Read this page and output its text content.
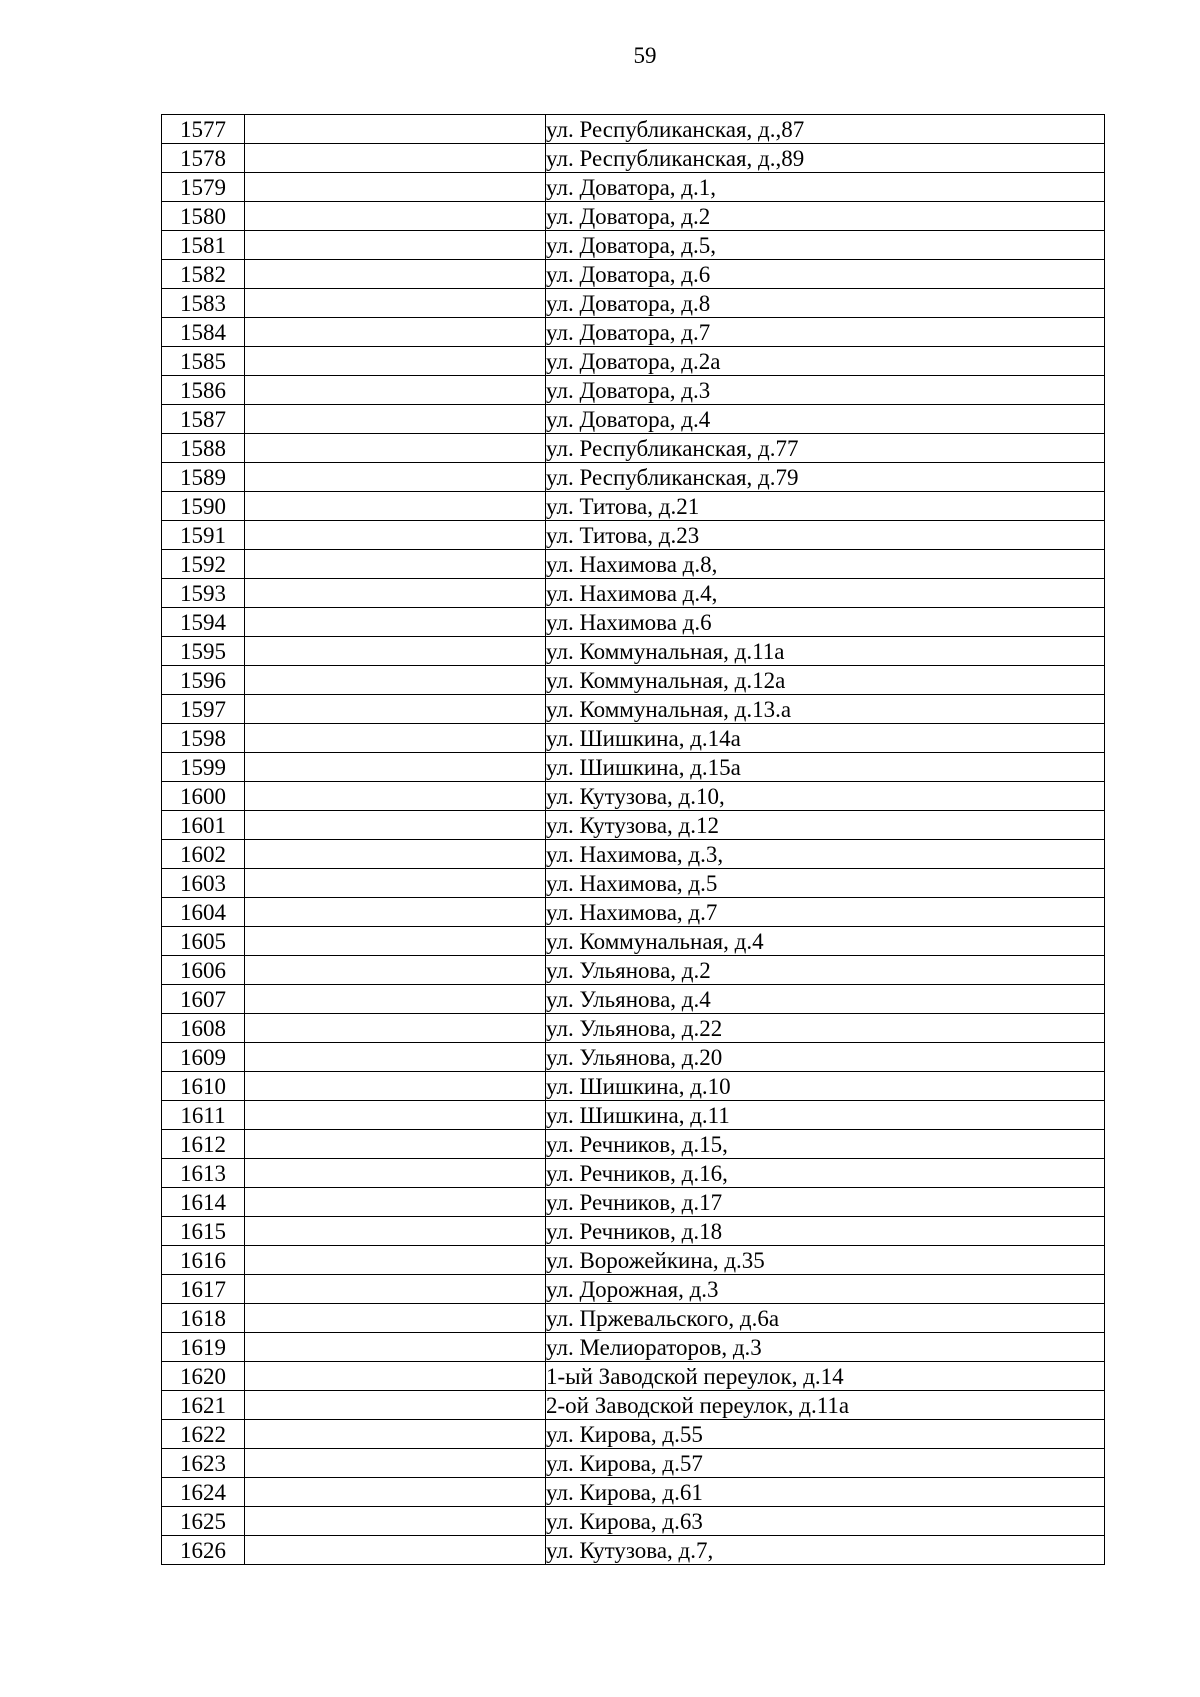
59
1577		ул. Республиканская, д.,87
1578		ул. Республиканская, д.,89
1579		ул. Доватора, д.1,
1580		ул. Доватора, д.2
1581		ул. Доватора, д.5,
1582		ул. Доватора, д.6
1583		ул. Доватора, д.8
1584		ул. Доватора, д.7
1585		ул. Доватора, д.2а
1586		ул. Доватора, д.3
1587		ул. Доватора, д.4
1588		ул. Республиканская, д.77
1589		ул. Республиканская, д.79
1590		ул. Титова, д.21
1591		ул. Титова, д.23
1592		ул. Нахимова д.8,
1593		ул. Нахимова д.4,
1594		ул. Нахимова д.6
1595		ул. Коммунальная, д.11а
1596		ул. Коммунальная, д.12а
1597		ул. Коммунальная, д.13.а
1598		ул. Шишкина, д.14а
1599		ул. Шишкина, д.15а
1600		ул. Кутузова, д.10,
1601		ул. Кутузова, д.12
1602		ул. Нахимова, д.3,
1603		ул. Нахимова, д.5
1604		ул. Нахимова, д.7
1605		ул. Коммунальная, д.4
1606		ул. Ульянова, д.2
1607		ул. Ульянова, д.4
1608		ул. Ульянова, д.22
1609		ул. Ульянова, д.20
1610		ул. Шишкина, д.10
1611		ул. Шишкина, д.11
1612		ул. Речников, д.15,
1613		ул. Речников, д.16,
1614		ул. Речников, д.17
1615		ул. Речников, д.18
1616		ул. Ворожейкина, д.35
1617		ул. Дорожная, д.3
1618		ул. Пржевальского, д.6а
1619		ул. Мелиораторов, д.3
1620		1-ый Заводской переулок, д.14
1621		2-ой Заводской переулок, д.11а
1622		ул. Кирова, д.55
1623		ул. Кирова, д.57
1624		ул. Кирова, д.61
1625		ул. Кирова, д.63
1626		ул. Кутузова, д.7,
